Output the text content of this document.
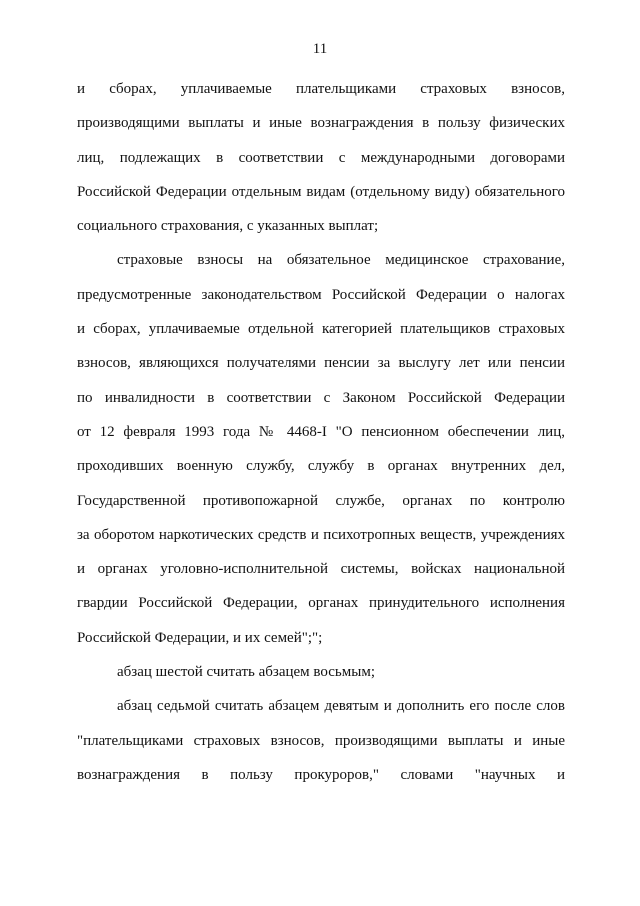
11
и сборах, уплачиваемые плательщиками страховых взносов,
производящими выплаты и иные вознаграждения в пользу физических
лиц, подлежащих в соответствии с международными договорами
Российской Федерации отдельным видам (отдельному виду) обязательного
социального страхования, с указанных выплат;
страховые взносы на обязательное медицинское страхование,
предусмотренные законодательством Российской Федерации о налогах
и сборах, уплачиваемые отдельной категорией плательщиков страховых
взносов, являющихся получателями пенсии за выслугу лет или пенсии
по инвалидности в соответствии с Законом Российской Федерации
от 12 февраля 1993 года № 4468-I "О пенсионном обеспечении лиц,
проходивших военную службу, службу в органах внутренних дел,
Государственной противопожарной службе, органах по контролю
за оборотом наркотических средств и психотропных веществ, учреждениях
и органах уголовно-исполнительной системы, войсках национальной
гвардии Российской Федерации, органах принудительного исполнения
Российской Федерации, и их семей";";
абзац шестой считать абзацем восьмым;
абзац седьмой считать абзацем девятым и дополнить его после слов
"плательщиками страховых взносов, производящими выплаты и иные
вознаграждения в пользу прокуроров," словами "научных и
